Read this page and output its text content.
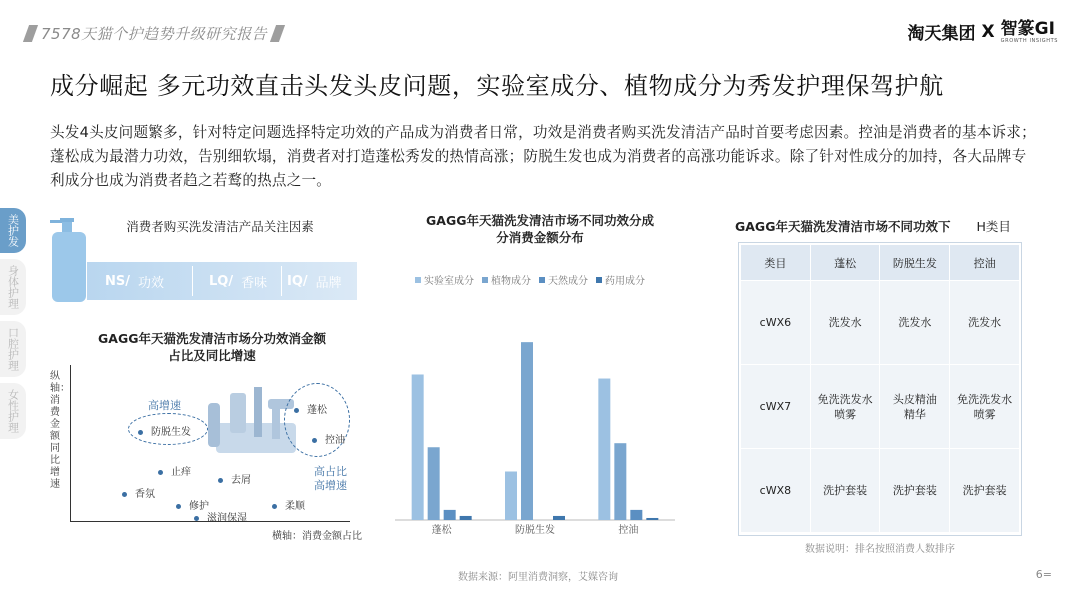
7578天猫个护趋势升级研究报告	淘天集团 X 智篆GI
GROWTH INSIGHTS
成分崛起 多元功效直击头发头皮问题，实验室成分、植物成分为秀发护理保驾护航
头发4头皮问题繁多，针对特定问题选择特定功效的产品成为消费者日常，功效是消费者购买洗发清洁产品时首要考虑因素。控油是消费者的基本诉求；蓬松成为最潜力功效，告别细软塌，消费者对打造蓬松秀发的热情高涨；防脱生发也成为消费者的高涨功能诉求。除了针对性成分的加持，各大品牌专利成分也成为消费者趋之若鹜的热点之一。
美护发
身体护理
口腔护理
女性护理
消费者购买洗发清洁产品关注因素
NS/ 功效	LQ/ 香味 IQ/ 品牌
GAGG年天猫洗发清洁市场分功效消金额
占比及同比增速
纵轴：消费金额同比增速
横轴：消费金额占比
高增速
高占比
高增速
防脱生发
蓬松
控油
止痒
去屑
香氛
修护	柔顺
滋润保湿
GAGG年天猫洗发清洁市场不同功效分成
分消费金额分布
实验室成分 植物成分 天然成分 药用成分
蓬松	防脱生发	控油
GAGG年天猫洗发清洁市场不同功效下 H类目
类目	蓬松	防脱生发	控油
cWX6	洗发水	洗发水	洗发水
cWX7	免洗洗发水喷雾	头皮精油精华	免洗洗发水喷雾
cWX8	洗护套装	洗护套装	洗护套装
数据说明：排名按照消费人数排序
数据来源：阿里消费洞察，艾媒咨询	6=
